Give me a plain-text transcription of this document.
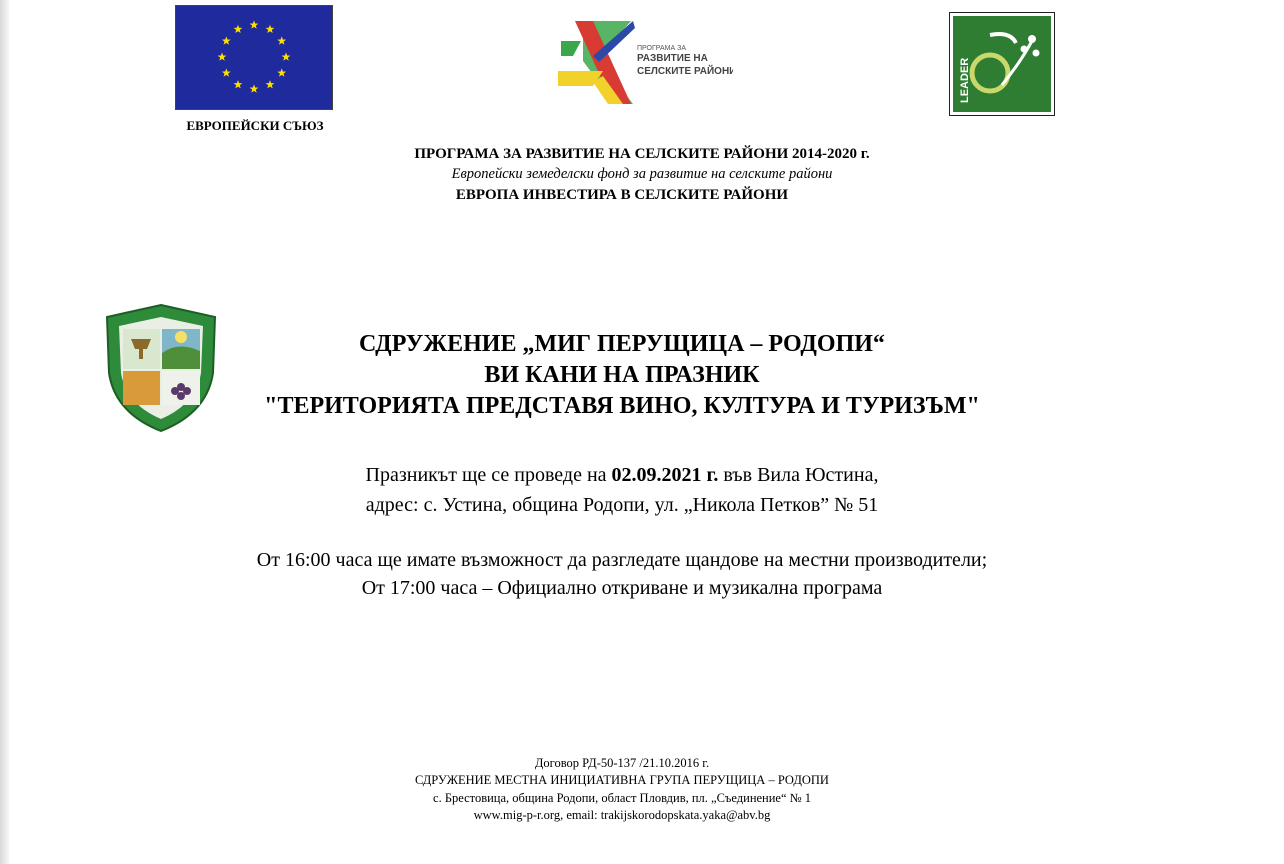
ЕВРОПЕЙСКИ СЪЮЗ
ПРОГРАМА ЗА
РАЗВИТИЕ НА
СЕЛСКИТЕ РАЙОНИ	LEADER
ПРОГРАМА ЗА РАЗВИТИЕ НА СЕЛСКИТЕ РАЙОНИ 2014-2020 г.
Европейски земеделски фонд за развитие на селските райони
ЕВРОПА ИНВЕСТИРА В СЕЛСКИТЕ РАЙОНИ
СДРУЖЕНИЕ „МИГ ПЕРУЩИЦА – РОДОПИ“
ВИ КАНИ НА ПРАЗНИК
"ТЕРИТОРИЯТА ПРЕДСТАВЯ ВИНО, КУЛТУРА И ТУРИЗЪМ"
Празникът ще се проведе на 02.09.2021 г. във Вила Юстина,
адрес: с. Устина, община Родопи, ул. „Никола Петков” № 51
От 16:00 часа ще имате възможност да разгледате щандове на местни производители;
От 17:00 часа – Официално откриване и музикална програма
Договор РД-50-137 /21.10.2016 г.
СДРУЖЕНИЕ МЕСТНА ИНИЦИАТИВНА ГРУПА ПЕРУЩИЦА – РОДОПИ
с. Брестовица, община Родопи, област Пловдив, пл. „Съединение“ № 1
www.mig-p-r.org, email: trakijskorodopskata.yaka@abv.bg
